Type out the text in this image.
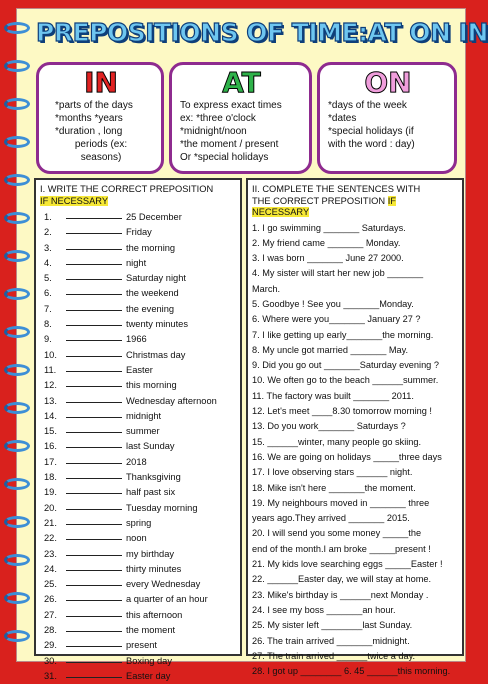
PREPOSITIONS OF TIME:AT ON IN
IN
*parts of the days
*months *years
*duration , long
periods (ex:
seasons)
AT
To express exact times
ex: *three o'clock
*midnight/noon
*the moment / present
Or *special holidays
ON
*days of the week
*dates
*special holidays (if
with the word : day)
I. WRITE THE CORRECT PREPOSITION
IF NECESSARY
1.	25 December
2.	Friday
3.	the morning
4.	night
5.	Saturday night
6.	the weekend
7.	the evening
8.	twenty minutes
9.	1966
10.	Christmas day
11.	Easter
12.	this morning
13.	Wednesday afternoon
14.	midnight
15.	summer
16.	last Sunday
17.	2018
18.	Thanksgiving
19.	half past six
20.	Tuesday morning
21.	spring
22.	noon
23.	my birthday
24.	thirty minutes
25.	every Wednesday
26.	a quarter of an hour
27.	this afternoon
28.	the moment
29.	present
30.	Boxing day
31.	Easter day
II. COMPLETE THE SENTENCES WITH
THE CORRECT PREPOSITION IF
NECESSARY
1. I go swimming _______ Saturdays.
2. My friend came _______ Monday.
3. I was born _______ June 27 2000.
4. My sister will start her new job _______
March.
5. Goodbye ! See you _______Monday.
6. Where were you_______ January 27 ?
7. I like getting up early_______the morning.
8. My uncle got married _______ May.
9. Did you go out _______Saturday evening ?
10. We often go to the beach ______summer.
11. The factory was built _______ 2011.
12. Let's meet ____8.30 tomorrow morning !
13. Do you work_______ Saturdays ?
15. ______winter, many people go skiing.
16. We are going on holidays _____three days
17. I love observing stars ______ night.
18. Mike isn't here _______the moment.
19. My neighbours moved in _______ three
years ago.They arrived _______ 2015.
20. I will send you some money _____the
end of the month.I am broke _____present !
21. My kids love searching eggs _____Easter !
22. ______Easter day, we will stay at home.
23. Mike's birthday is ______next Monday .
24. I see my boss _______an hour.
25. My sister left ________last Sunday.
26. The train arrived _______midnight.
27. The train arrived ______twice a day.
28. I got up ________ 6. 45 ______this morning.
